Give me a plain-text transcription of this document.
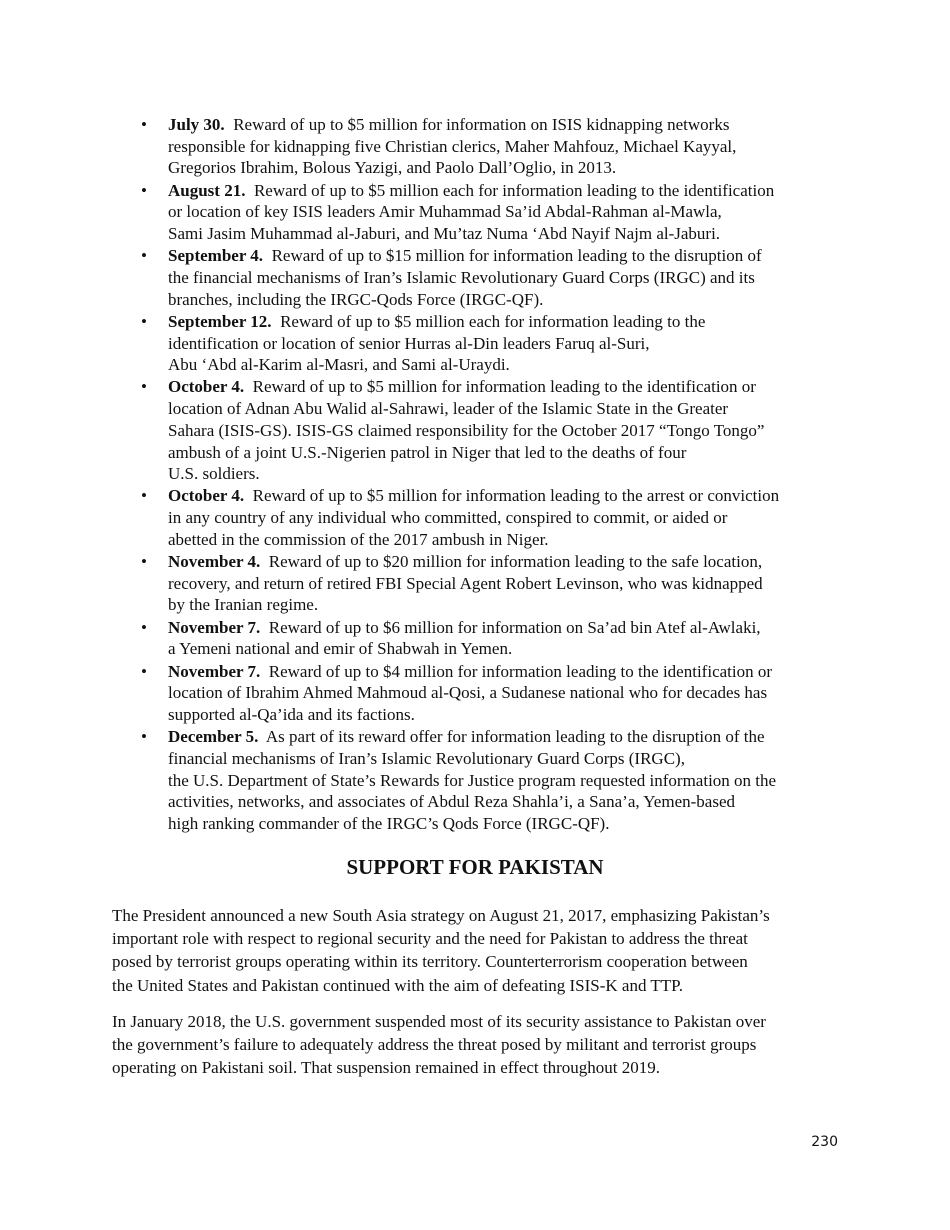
• July 30. Reward of up to $5 million for information on ISIS kidnapping networks
responsible for kidnapping five Christian clerics, Maher Mahfouz, Michael Kayyal,
Gregorios Ibrahim, Bolous Yazigi, and Paolo Dall’Oglio, in 2013.
• August 21. Reward of up to $5 million each for information leading to the identification
or location of key ISIS leaders Amir Muhammad Sa’id Abdal-Rahman al-Mawla,
Sami Jasim Muhammad al-Jaburi, and Mu’taz Numa ‘Abd Nayif Najm al-Jaburi.
• September 4. Reward of up to $15 million for information leading to the disruption of
the financial mechanisms of Iran’s Islamic Revolutionary Guard Corps (IRGC) and its
branches, including the IRGC-Qods Force (IRGC-QF).
• September 12. Reward of up to $5 million each for information leading to the
identification or location of senior Hurras al-Din leaders Faruq al-Suri,
Abu ‘Abd al-Karim al-Masri, and Sami al-Uraydi.
• October 4. Reward of up to $5 million for information leading to the identification or
location of Adnan Abu Walid al-Sahrawi, leader of the Islamic State in the Greater
Sahara (ISIS-GS). ISIS-GS claimed responsibility for the October 2017 “Tongo Tongo”
ambush of a joint U.S.-Nigerien patrol in Niger that led to the deaths of four
U.S. soldiers.
• October 4. Reward of up to $5 million for information leading to the arrest or conviction
in any country of any individual who committed, conspired to commit, or aided or
abetted in the commission of the 2017 ambush in Niger.
• November 4. Reward of up to $20 million for information leading to the safe location,
recovery, and return of retired FBI Special Agent Robert Levinson, who was kidnapped
by the Iranian regime.
• November 7. Reward of up to $6 million for information on Sa’ad bin Atef al-Awlaki,
a Yemeni national and emir of Shabwah in Yemen.
• November 7. Reward of up to $4 million for information leading to the identification or
location of Ibrahim Ahmed Mahmoud al-Qosi, a Sudanese national who for decades has
supported al-Qa’ida and its factions.
• December 5. As part of its reward offer for information leading to the disruption of the
financial mechanisms of Iran’s Islamic Revolutionary Guard Corps (IRGC),
the U.S. Department of State’s Rewards for Justice program requested information on the
activities, networks, and associates of Abdul Reza Shahla’i, a Sana’a, Yemen-based
high ranking commander of the IRGC’s Qods Force (IRGC-QF).
SUPPORT FOR PAKISTAN

The President announced a new South Asia strategy on August 21, 2017, emphasizing Pakistan’s
important role with respect to regional security and the need for Pakistan to address the threat
posed by terrorist groups operating within its territory. Counterterrorism cooperation between
the United States and Pakistan continued with the aim of defeating ISIS-K and TTP.

In January 2018, the U.S. government suspended most of its security assistance to Pakistan over
the government’s failure to adequately address the threat posed by militant and terrorist groups
operating on Pakistani soil. That suspension remained in effect throughout 2019.

230
